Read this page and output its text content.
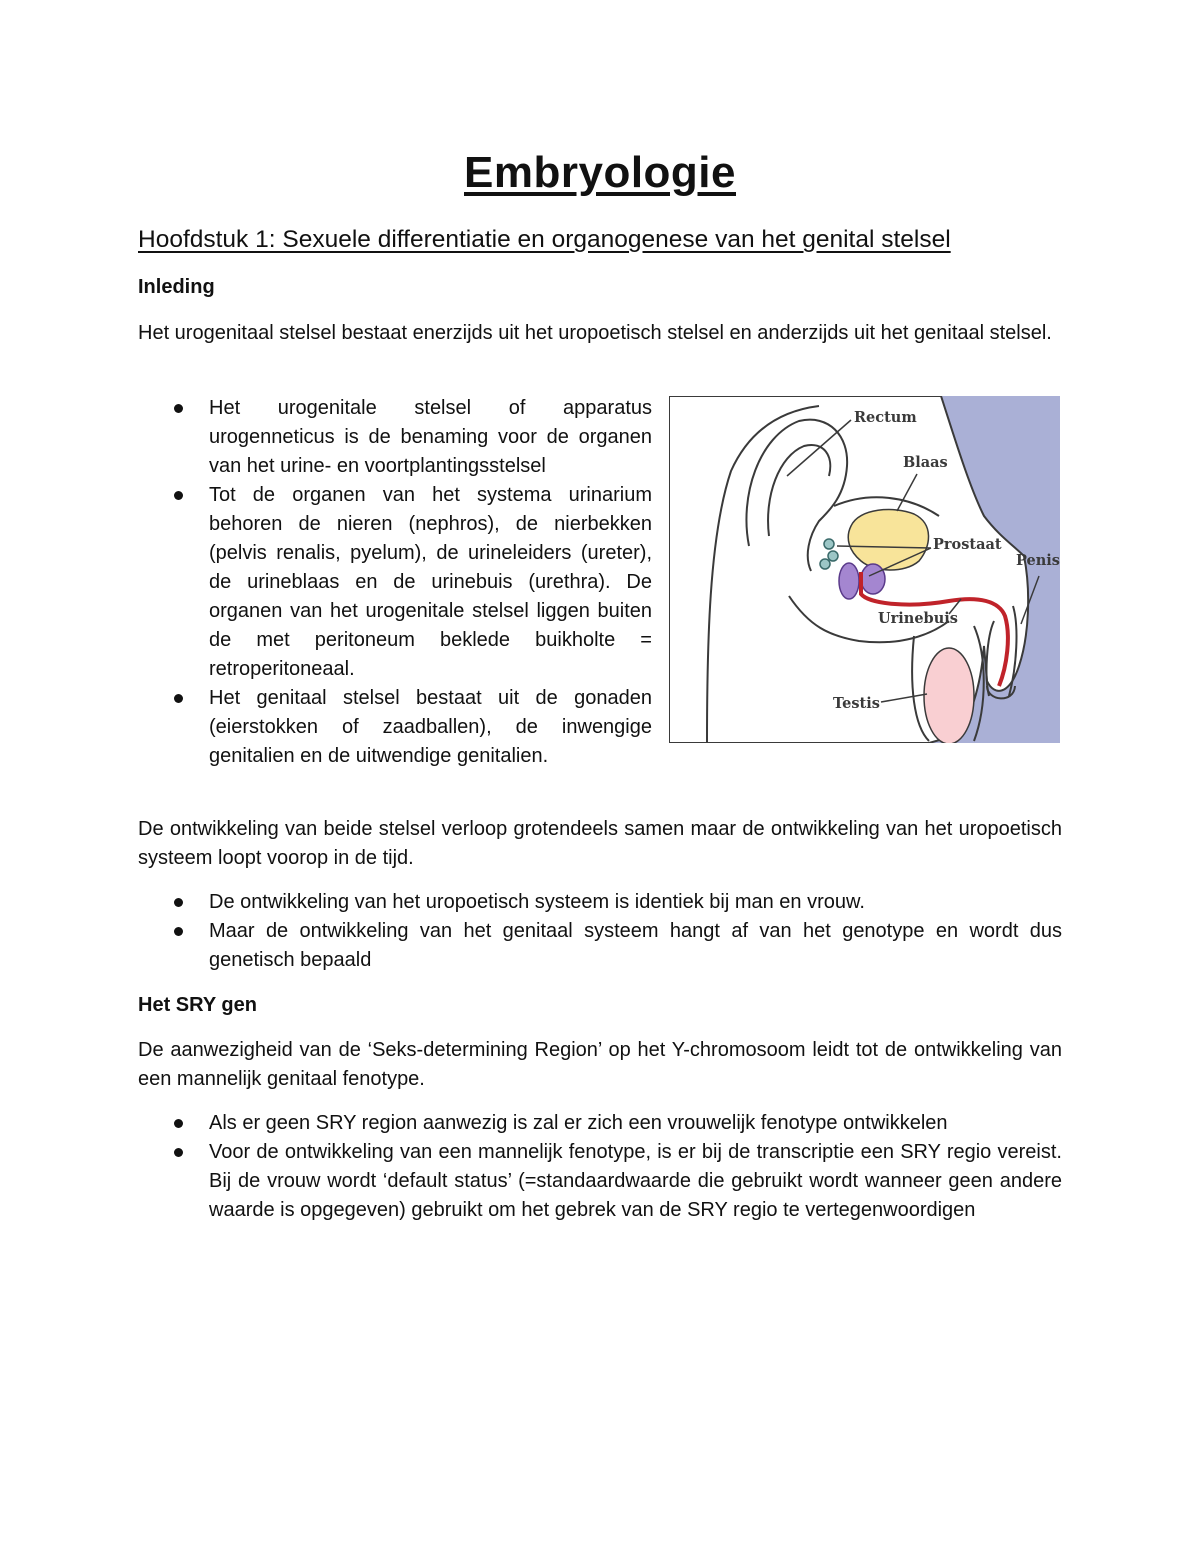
Embryologie
Hoofdstuk 1: Sexuele differentiatie en organogenese van het genital stelsel
Inleding
Het urogenitaal stelsel bestaat enerzijds uit het uropoetisch stelsel en anderzijds uit het genitaal stelsel.
Het urogenitale stelsel of apparatus urogenneticus is de benaming voor de organen van het urine- en voortplantingsstelsel
Tot de organen van het systema urinarium behoren de nieren (nephros), de nierbekken (pelvis renalis, pyelum), de urineleiders (ureter), de urineblaas en de urinebuis (urethra). De organen van het urogenitale stelsel liggen buiten de met peritoneum beklede buikholte = retroperitoneaal.
Het genitaal stelsel bestaat uit de gonaden (eierstokken of zaadballen), de inwengige genitalien en de uitwendige genitalien.
Rectum
Blaas
Prostaat
Penis
Urinebuis
Testis
De ontwikkeling van beide stelsel verloop grotendeels samen maar de ontwikkeling van het uropoetisch systeem loopt voorop in de tijd.
De ontwikkeling van het uropoetisch systeem is identiek bij man en vrouw.
Maar de ontwikkeling van het genitaal systeem hangt af van het genotype en wordt dus genetisch bepaald
Het SRY gen
De aanwezigheid van de ‘Seks-determining Region’ op het Y-chromosoom leidt tot de ontwikkeling van een mannelijk genitaal fenotype.
Als er geen SRY region aanwezig is zal er zich een vrouwelijk fenotype ontwikkelen
Voor de ontwikkeling van een mannelijk fenotype, is er bij de transcriptie een SRY regio vereist. Bij de vrouw wordt ‘default status’ (=standaardwaarde die gebruikt wordt wanneer geen andere waarde is opgegeven) gebruikt om het gebrek van de SRY regio te vertegenwoordigen
